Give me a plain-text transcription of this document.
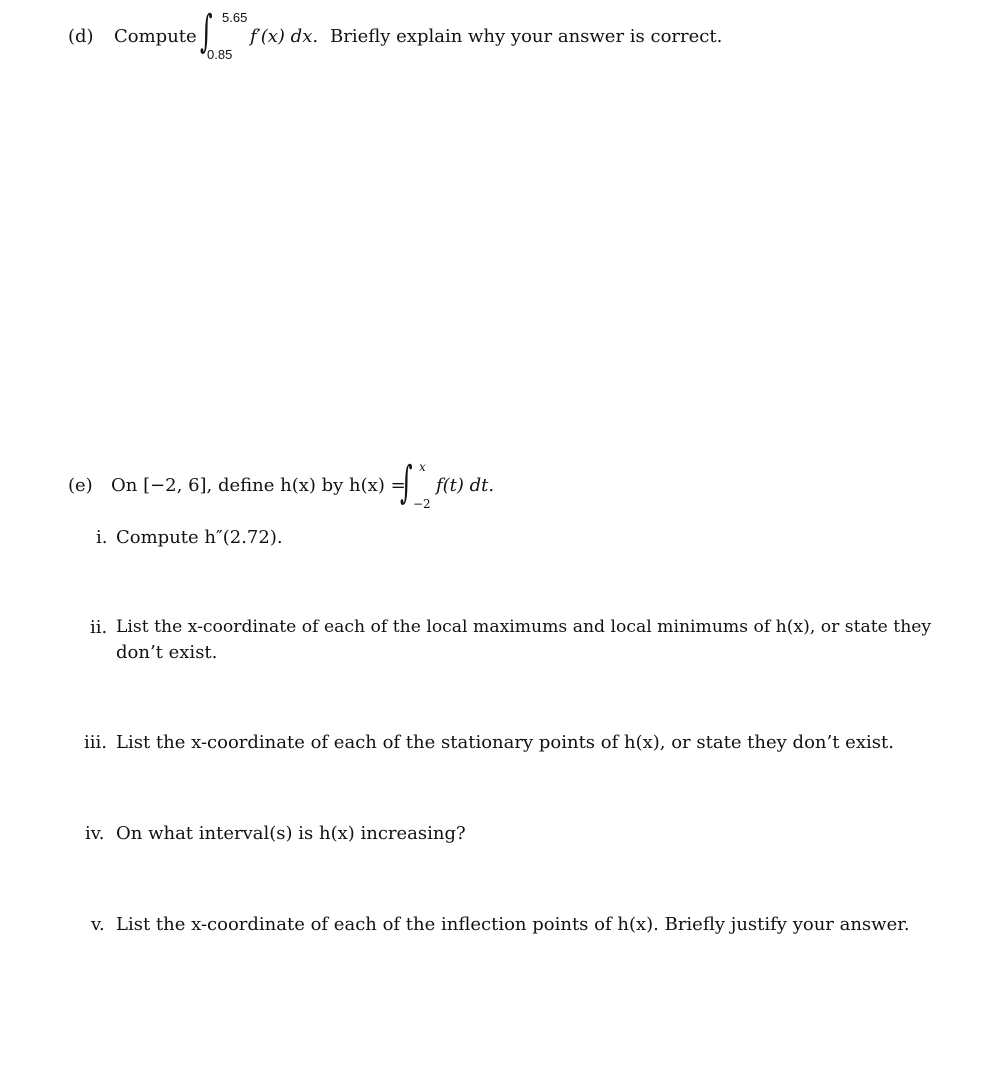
(d) Compute ∫ 5.65
0.85
f′(x) dx. Briefly explain why your answer is correct.
(e) On [−2, 6], define h(x) by h(x) =
∫ x
−2
f(t) dt.
i. Compute h″(2.72).
ii. List the x-coordinate of each of the local maximums and local minimums of h(x), or state they
don’t exist.
iii. List the x-coordinate of each of the stationary points of h(x), or state they don’t exist.
iv. On what interval(s) is h(x) increasing?
v. List the x-coordinate of each of the inflection points of h(x). Briefly justify your answer.
